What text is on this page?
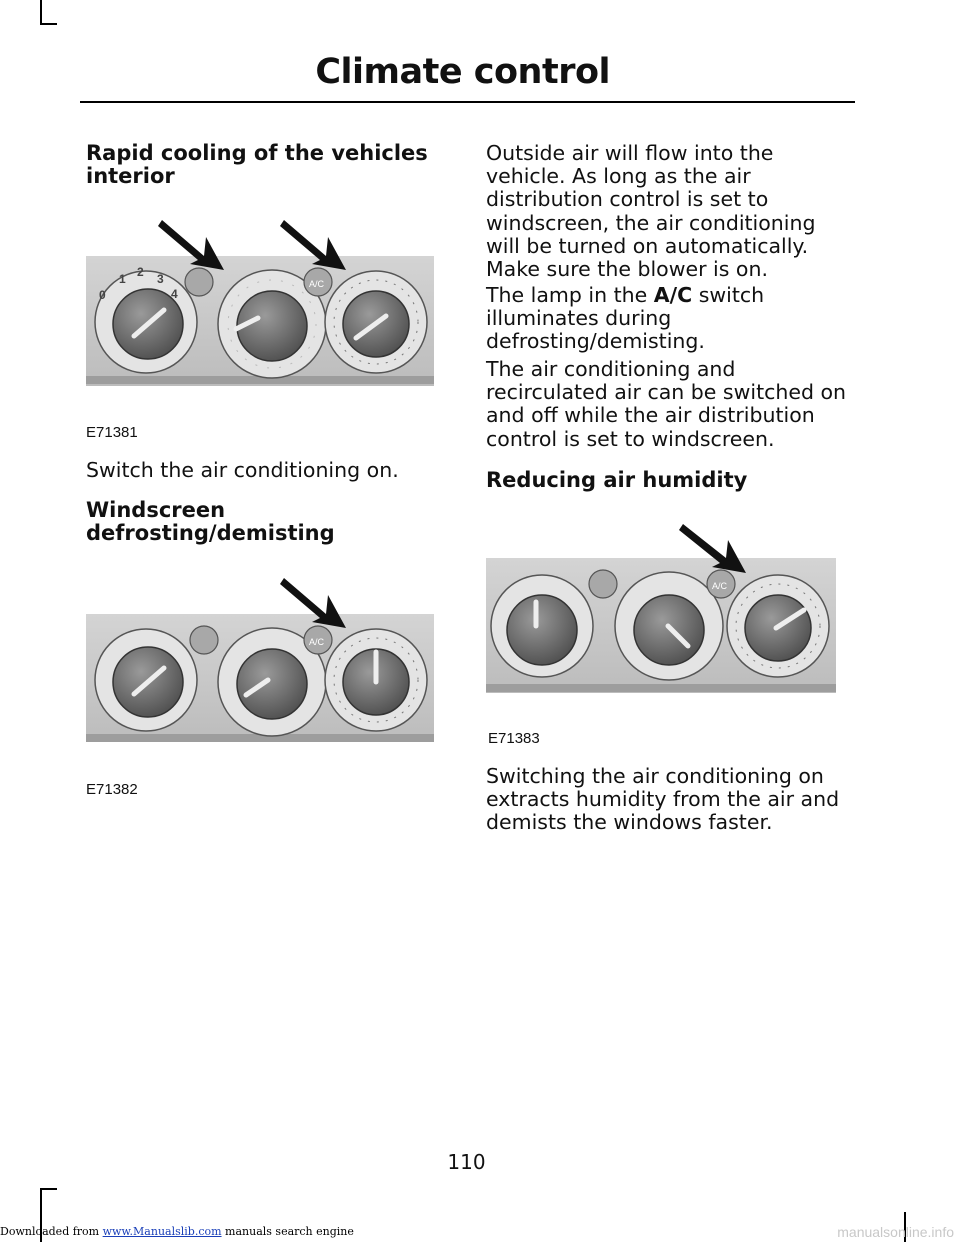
Climate control
Rapid cooling of the vehicles interior
0
1 2 3
4
A/C
E71381
Switch the air conditioning on.
Windscreen defrosting/demisting
A/C
E71382
Outside air will flow into the vehicle. As long as the air distribution control is set to windscreen, the air conditioning will be turned on automatically. Make sure the blower is on.
The lamp in the A/C switch illuminates during defrosting/demisting.
The air conditioning and recirculated air can be switched on and off while the air distribution control is set to windscreen.
Reducing air humidity
A/C
E71383
Switching the air conditioning on extracts humidity from the air and demists the windows faster.
110
Downloaded from www.Manualslib.com manuals search engine	manualsonline.info
